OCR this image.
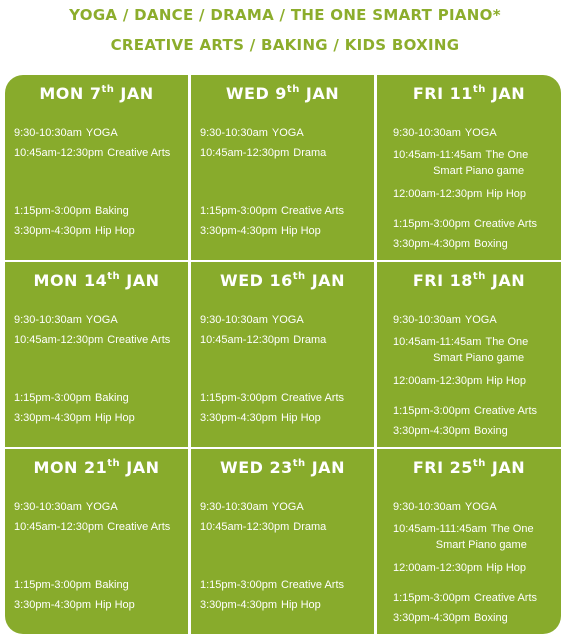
YOGA / DANCE / DRAMA / THE ONE SMART PIANO*
CREATIVE ARTS / BAKING / KIDS BOXING
MON 7th JAN
9:30-10:30am YOGA
10:45am-12:30pm Creative Arts
1:15pm-3:00pm Baking
3:30pm-4:30pm Hip Hop
WED 9th JAN
9:30-10:30am YOGA
10:45am-12:30pm Drama
1:15pm-3:00pm Creative Arts
3:30pm-4:30pm Hip Hop
FRI 11th JAN
9:30-10:30am YOGA
10:45am-11:45am The One
Smart Piano game
12:00am-12:30pm Hip Hop
1:15pm-3:00pm Creative Arts
3:30pm-4:30pm Boxing
MON 14th JAN
9:30-10:30am YOGA
10:45am-12:30pm Creative Arts
1:15pm-3:00pm Baking
3:30pm-4:30pm Hip Hop
WED 16th JAN
9:30-10:30am YOGA
10:45am-12:30pm Drama
1:15pm-3:00pm Creative Arts
3:30pm-4:30pm Hip Hop
FRI 18th JAN
9:30-10:30am YOGA
10:45am-11:45am The One
Smart Piano game
12:00am-12:30pm Hip Hop
1:15pm-3:00pm Creative Arts
3:30pm-4:30pm Boxing
MON 21th JAN
9:30-10:30am YOGA
10:45am-12:30pm Creative Arts
1:15pm-3:00pm Baking
3:30pm-4:30pm Hip Hop
WED 23th JAN
9:30-10:30am YOGA
10:45am-12:30pm Drama
1:15pm-3:00pm Creative Arts
3:30pm-4:30pm Hip Hop
FRI 25th JAN
9:30-10:30am YOGA
10:45am-111:45am The One
Smart Piano game
12:00am-12:30pm Hip Hop
1:15pm-3:00pm Creative Arts
3:30pm-4:30pm Boxing
